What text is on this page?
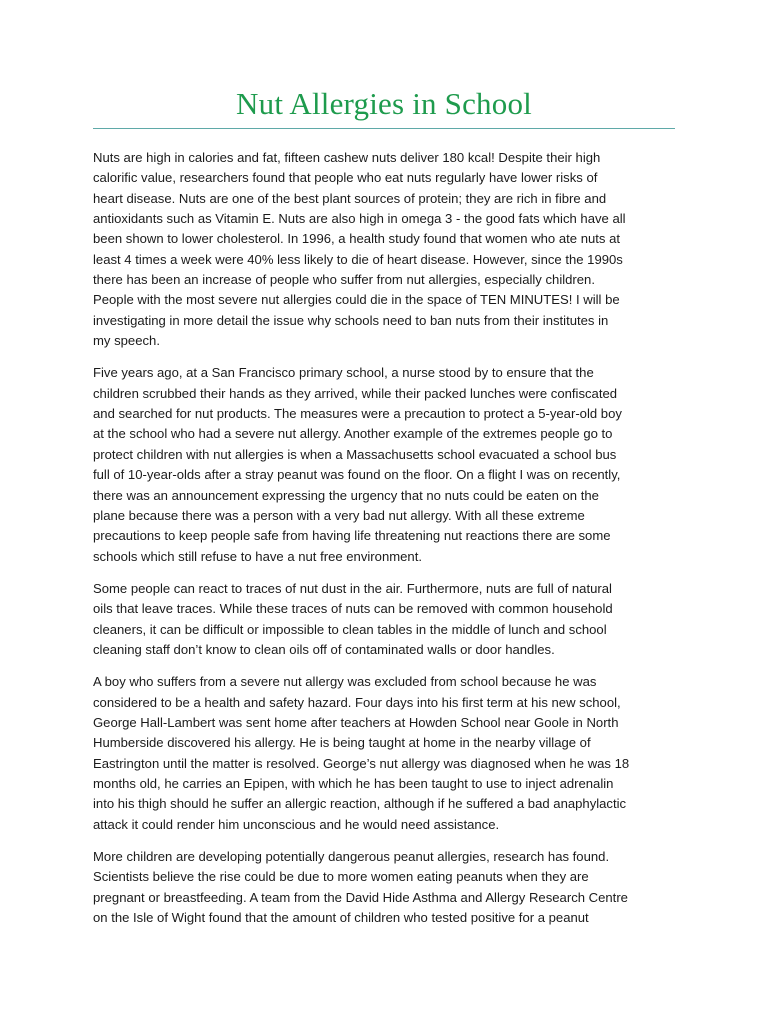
Nut Allergies in School

Nuts are high in calories and fat, fifteen cashew nuts deliver 180 kcal! Despite their high
calorific value, researchers found that people who eat nuts regularly have lower risks of
heart disease. Nuts are one of the best plant sources of protein; they are rich in fibre and
antioxidants such as Vitamin E. Nuts are also high in omega 3 - the good fats which have all
been shown to lower cholesterol. In 1996, a health study found that women who ate nuts at
least 4 times a week were 40% less likely to die of heart disease. However, since the 1990s
there has been an increase of people who suffer from nut allergies, especially children.
People with the most severe nut allergies could die in the space of TEN MINUTES! I will be
investigating in more detail the issue why schools need to ban nuts from their institutes in
my speech.

Five years ago, at a San Francisco primary school, a nurse stood by to ensure that the
children scrubbed their hands as they arrived, while their packed lunches were confiscated
and searched for nut products. The measures were a precaution to protect a 5-year-old boy
at the school who had a severe nut allergy. Another example of the extremes people go to
protect children with nut allergies is when a Massachusetts school evacuated a school bus
full of 10-year-olds after a stray peanut was found on the floor. On a flight I was on recently,
there was an announcement expressing the urgency that no nuts could be eaten on the
plane because there was a person with a very bad nut allergy. With all these extreme
precautions to keep people safe from having life threatening nut reactions there are some
schools which still refuse to have a nut free environment.

Some people can react to traces of nut dust in the air. Furthermore, nuts are full of natural
oils that leave traces. While these traces of nuts can be removed with common household
cleaners, it can be difficult or impossible to clean tables in the middle of lunch and school
cleaning staff don’t know to clean oils off of contaminated walls or door handles.

A boy who suffers from a severe nut allergy was excluded from school because he was
considered to be a health and safety hazard. Four days into his first term at his new school,
George Hall-Lambert was sent home after teachers at Howden School near Goole in North
Humberside discovered his allergy. He is being taught at home in the nearby village of
Eastrington until the matter is resolved. George’s nut allergy was diagnosed when he was 18
months old, he carries an Epipen, with which he has been taught to use to inject adrenalin
into his thigh should he suffer an allergic reaction, although if he suffered a bad anaphylactic
attack it could render him unconscious and he would need assistance.

More children are developing potentially dangerous peanut allergies, research has found.
Scientists believe the rise could be due to more women eating peanuts when they are
pregnant or breastfeeding. A team from the David Hide Asthma and Allergy Research Centre
on the Isle of Wight found that the amount of children who tested positive for a peanut
